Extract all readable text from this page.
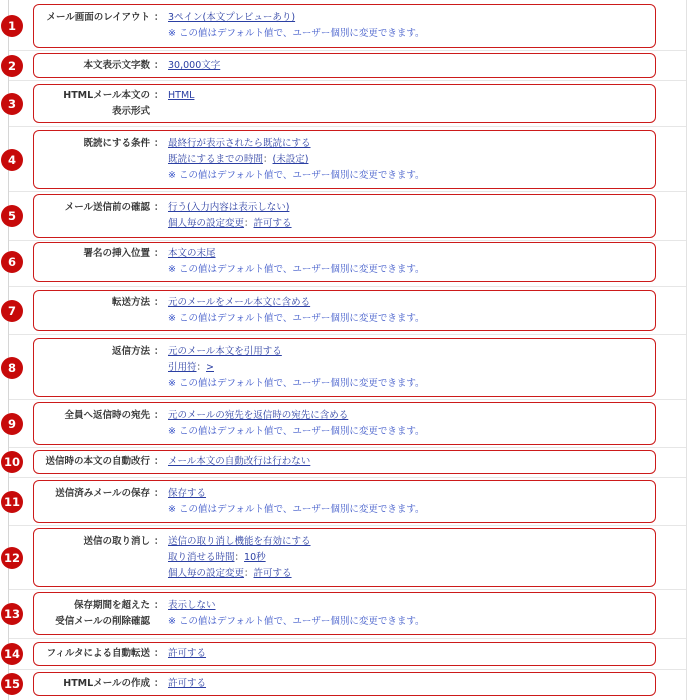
1
メール画面のレイアウト ： 3ペイン(本文プレビューあり)
※ この値はデフォルト値で、ユーザー個別に変更できます。
2	本文表示文字数 ： 30,000文字
3
HTMLメール本文の
表示形式
： HTML
4
既読にする条件 ： 最終行が表示されたら既読にする
既読にするまでの時間：(未設定)
※ この値はデフォルト値で、ユーザー個別に変更できます。
5
メール送信前の確認 ： 行う(入力内容は表示しない)
個人毎の設定変更：許可する
6
署名の挿入位置 ： 本文の末尾
※ この値はデフォルト値で、ユーザー個別に変更できます。
7
転送方法 ： 元のメールをメール本文に含める
※ この値はデフォルト値で、ユーザー個別に変更できます。
8
返信方法 ： 元のメール本文を引用する
引用符：>
※ この値はデフォルト値で、ユーザー個別に変更できます。
9
全員へ返信時の宛先 ： 元のメールの宛先を返信時の宛先に含める
※ この値はデフォルト値で、ユーザー個別に変更できます。
10	送信時の本文の自動改行 ： メール本文の自動改行は行わない
11
送信済みメールの保存 ： 保存する
※ この値はデフォルト値で、ユーザー個別に変更できます。
12
送信の取り消し ： 送信の取り消し機能を有効にする
取り消せる時間：10秒
個人毎の設定変更：許可する
13
保存期間を超えた
受信メールの削除確認
： 表示しない
※ この値はデフォルト値で、ユーザー個別に変更できます。
14	フィルタによる自動転送 ： 許可する
15	HTMLメールの作成 ： 許可する
